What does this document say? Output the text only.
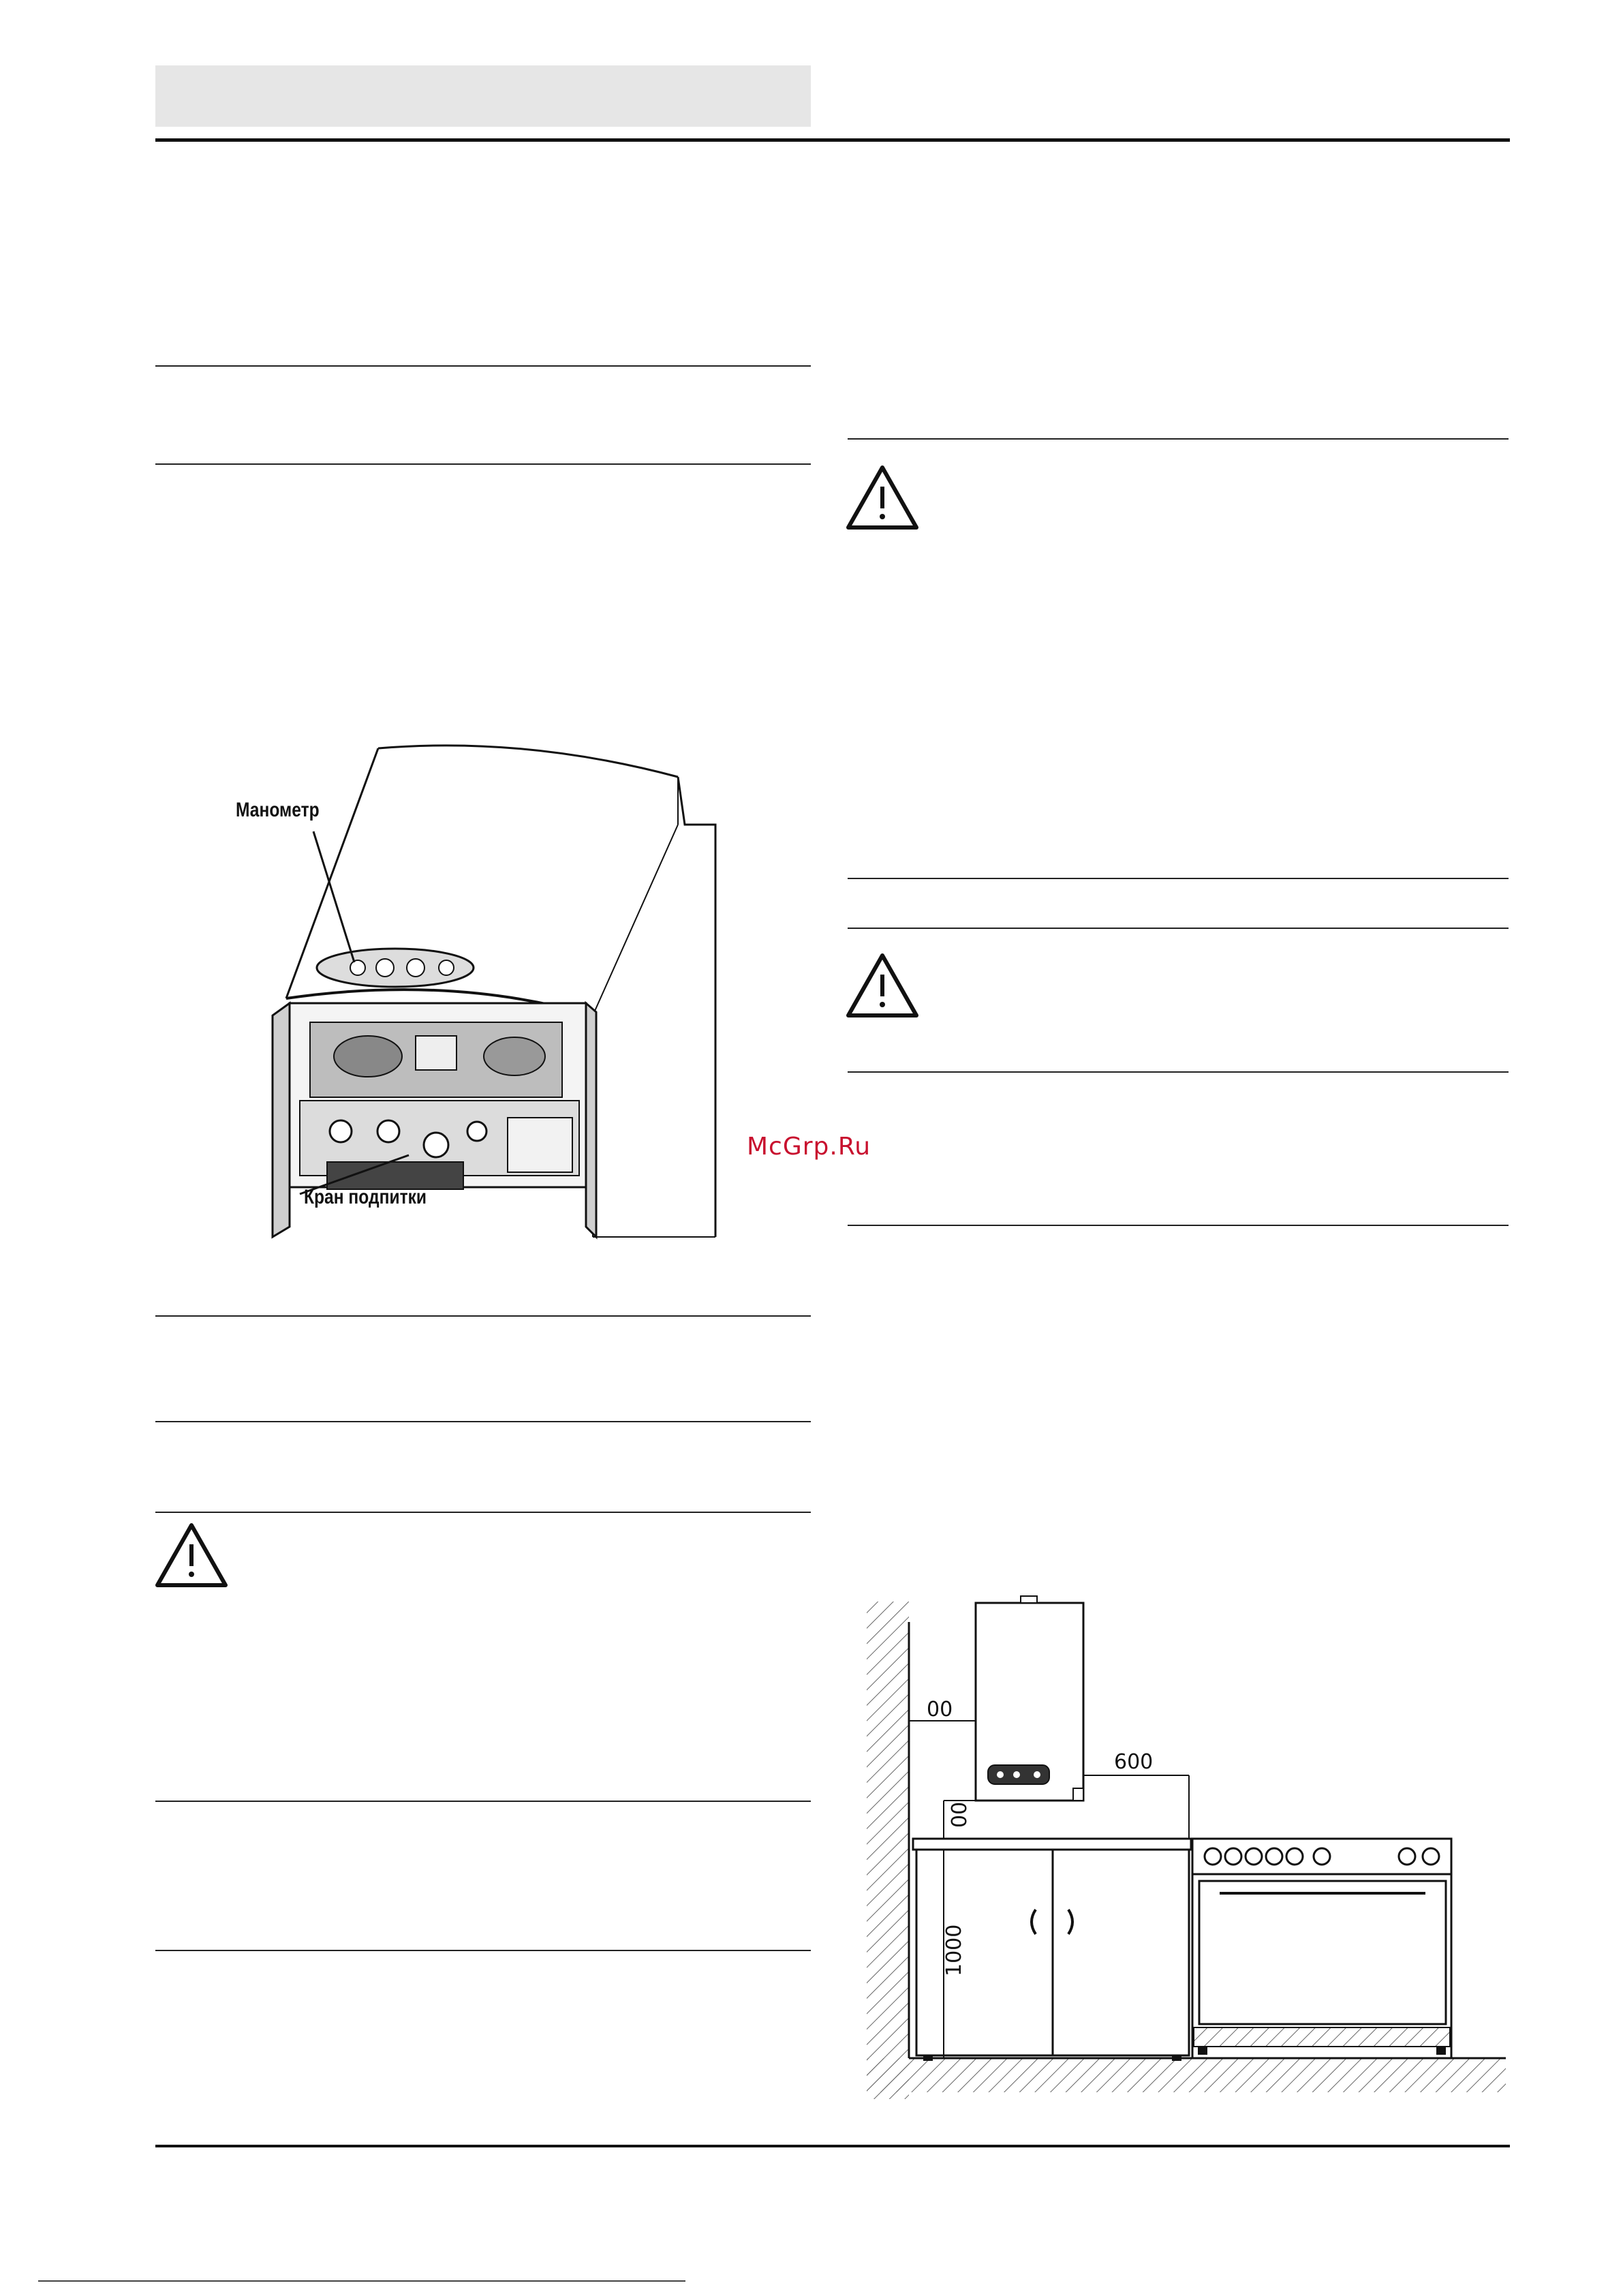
McGrp.Ru
Манометр
Кран подпитки
00
600
00
1000
